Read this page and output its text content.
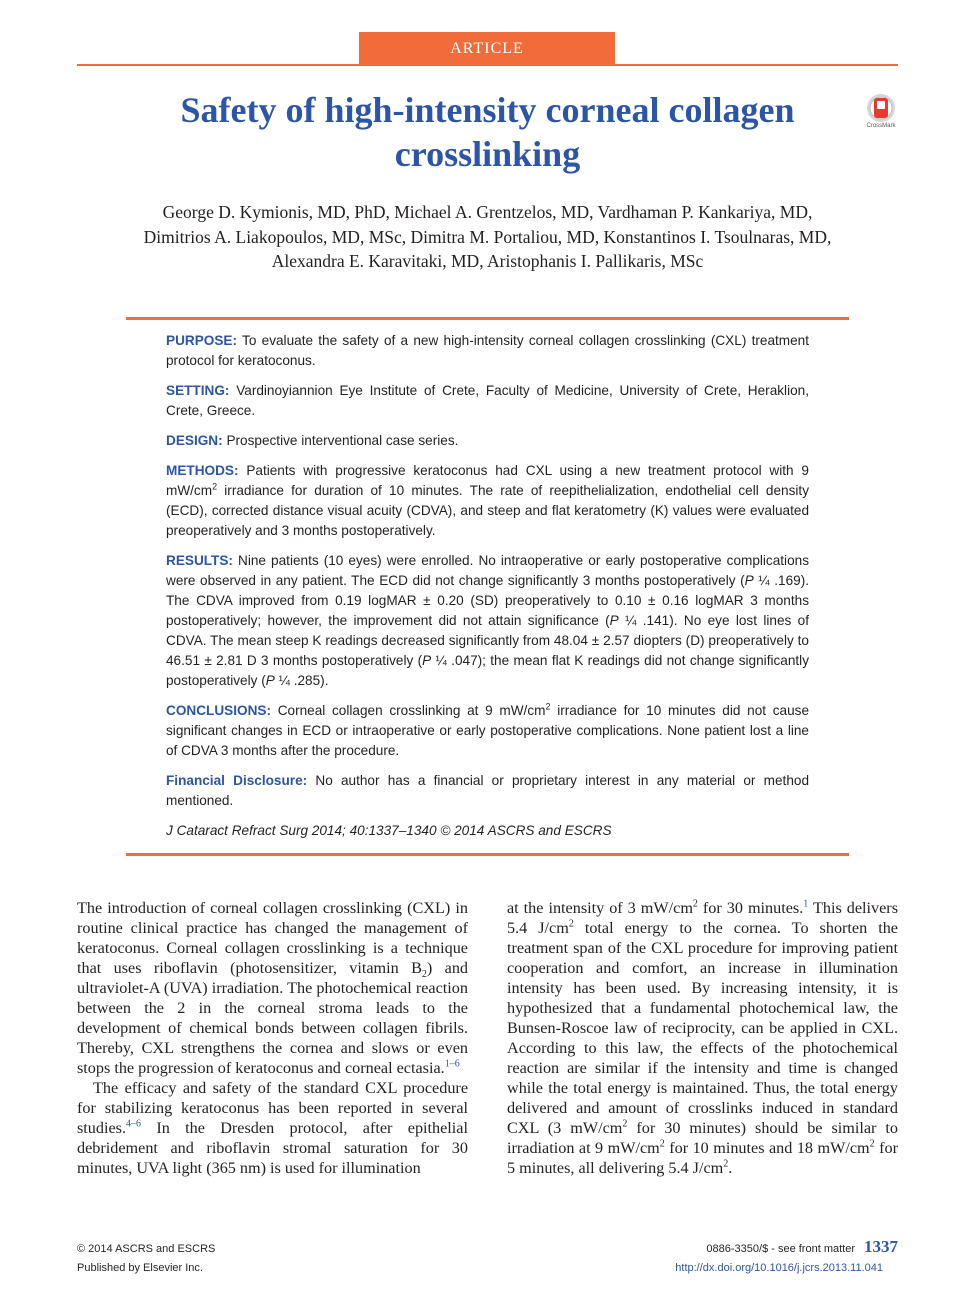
ARTICLE
Safety of high-intensity corneal collagen crosslinking
CrossMark
George D. Kymionis, MD, PhD, Michael A. Grentzelos, MD, Vardhaman P. Kankariya, MD,
Dimitrios A. Liakopoulos, MD, MSc, Dimitra M. Portaliou, MD, Konstantinos I. Tsoulnaras, MD,
Alexandra E. Karavitaki, MD, Aristophanis I. Pallikaris, MSc

PURPOSE: To evaluate the safety of a new high-intensity corneal collagen crosslinking (CXL) treatment protocol for keratoconus.

SETTING: Vardinoyiannion Eye Institute of Crete, Faculty of Medicine, University of Crete, Heraklion, Crete, Greece.

DESIGN: Prospective interventional case series.

METHODS: Patients with progressive keratoconus had CXL using a new treatment protocol with 9 $mW/cm^2$ irradiance for duration of 10 minutes. The rate of reepithelialization, endothelial cell density (ECD), corrected distance visual acuity (CDVA), and steep and flat keratometry (K) values were evaluated preoperatively and 3 months postoperatively.

RESULTS: Nine patients (10 eyes) were enrolled. No intraoperative or early postoperative complications were observed in any patient. The ECD did not change significantly 3 months postoperatively (P ¼ .169). The CDVA improved from 0.19 logMAR ± 0.20 (SD) preoperatively to 0.10 ± 0.16 logMAR 3 months postoperatively; however, the improvement did not attain significance (P ¼ .141). No eye lost lines of CDVA. The mean steep K readings decreased significantly from 48.04 ± 2.57 diopters (D) preoperatively to 46.51 ± 2.81 D 3 months postoperatively (P ¼ .047); the mean flat K readings did not change significantly postoperatively (P ¼ .285).

CONCLUSIONS: Corneal collagen crosslinking at 9 $mW/cm^2$ irradiance for 10 minutes did not cause significant changes in ECD or intraoperative or early postoperative complications. None patient lost a line of CDVA 3 months after the procedure.

Financial Disclosure: No author has a financial or proprietary interest in any material or method mentioned.

J Cataract Refract Surg 2014; 40:1337–1340 © 2014 ASCRS and ESCRS

The introduction of corneal collagen crosslinking (CXL) in routine clinical practice has changed the management of keratoconus. Corneal collagen crosslinking is a technique that uses riboflavin (photosensitizer, vitamin $B_2$) and ultraviolet-A (UVA) irradiation. The photochemical reaction between the 2 in the corneal stroma leads to the development of chemical bonds between collagen fibrils. Thereby, CXL strengthens the cornea and slows or even stops the progression of keratoconus and corneal ectasia.$^{1-6}$

The efficacy and safety of the standard CXL procedure for stabilizing keratoconus has been reported in several studies.$^{4-6}$ In the Dresden protocol, after epithelial debridement and riboflavin stromal saturation for 30 minutes, UVA light (365 nm) is used for illumination

at the intensity of 3 $mW/cm^2$ for 30 minutes.$^1$ This delivers 5.4 $J/cm^2$ total energy to the cornea. To shorten the treatment span of the CXL procedure for improving patient cooperation and comfort, an increase in illumination intensity has been used. By increasing intensity, it is hypothesized that a fundamental photochemical law, the Bunsen-Roscoe law of reciprocity, can be applied in CXL. According to this law, the effects of the photochemical reaction are similar if the intensity and time is changed while the total energy is maintained. Thus, the total energy delivered and amount of crosslinks induced in standard CXL (3 $mW/cm^2$ for 30 minutes) should be similar to irradiation at 9 $mW/cm^2$ for 10 minutes and 18 $mW/cm^2$ for 5 minutes, all delivering 5.4 $J/cm^2$.

© 2014 ASCRS and ESCRS
Published by Elsevier Inc.
0886-3350/$ - see front matter
http://dx.doi.org/10.1016/j.jcrs.2013.11.041
1337
